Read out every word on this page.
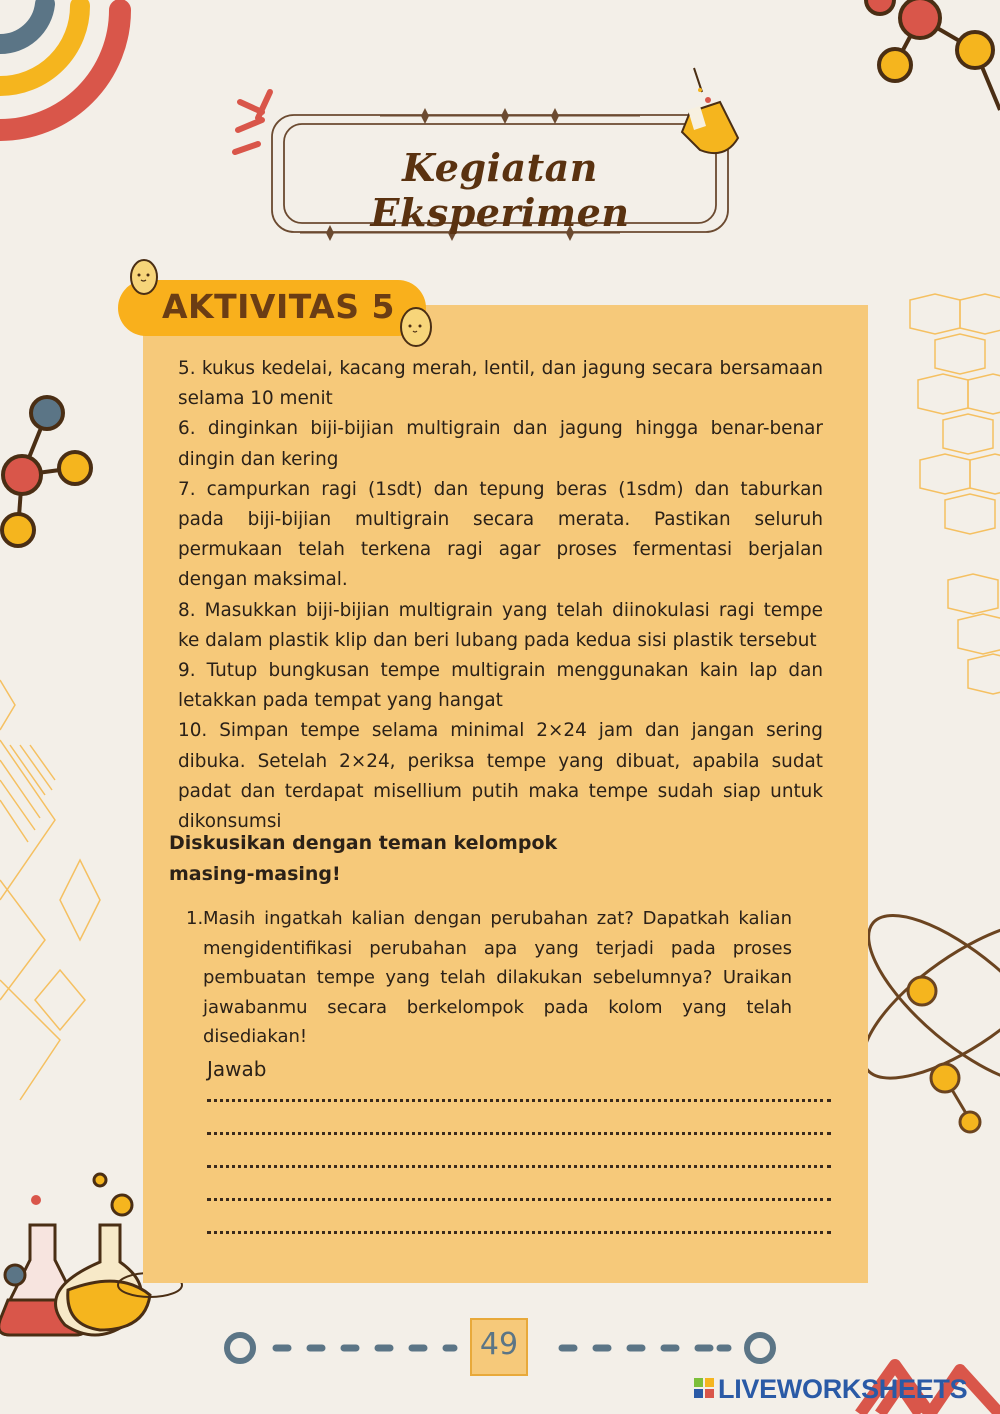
Kegiatan Eksperimen
AKTIVITAS 5

5. kukus kedelai, kacang merah, lentil, dan jagung secara bersamaan selama 10 menit

6. dinginkan biji-bijian multigrain dan jagung hingga benar-benar dingin dan kering

7. campurkan ragi (1sdt) dan tepung beras (1sdm) dan taburkan pada biji-bijian multigrain secara merata. Pastikan seluruh permukaan telah terkena ragi agar proses fermentasi berjalan dengan maksimal.

8. Masukkan biji-bijian multigrain yang telah diinokulasi ragi tempe ke dalam plastik klip dan beri lubang pada kedua sisi plastik tersebut

9. Tutup bungkusan tempe multigrain menggunakan kain lap dan letakkan pada tempat yang hangat

10. Simpan tempe selama minimal 2×24 jam dan jangan sering dibuka. Setelah 2×24, periksa tempe yang dibuat, apabila sudat padat dan terdapat misellium putih maka tempe sudah siap untuk dikonsumsi

Diskusikan dengan teman kelompok masing-masing!
1. Masih ingatkah kalian dengan perubahan zat? Dapatkah kalian mengidentifikasi perubahan apa yang terjadi pada proses pembuatan tempe yang telah dilakukan sebelumnya? Uraikan jawabanmu secara berkelompok pada kolom yang telah disediakan!
Jawab
49
LIVEWORKSHEETS
